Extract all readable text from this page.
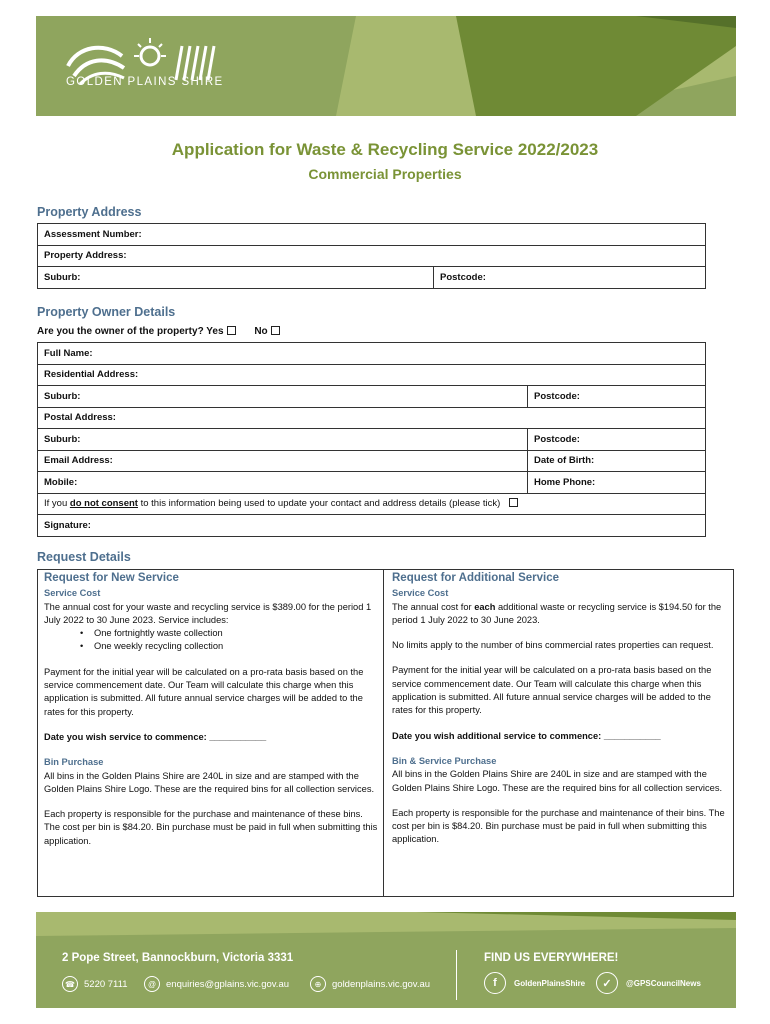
GOLDEN PLAINS SHIRE
Application for Waste & Recycling Service 2022/2023
Commercial Properties
Property Address
Assessment Number:
Property Address:
Suburb:	Postcode:
Property Owner Details
Are you the owner of the property? Yes	No
Full Name:	
Residential Address:	
Suburb:	Postcode:
Postal Address:	
Suburb:	Postcode:
Email Address:	Date of Birth:
Mobile:	Home Phone:
If you do not consent to this information being used to update your contact and address details (please tick)	
Signature:	
Request Details
Request for New Service
Service Cost

The annual cost for your waste and recycling service is $389.00 for the period 1 July 2022 to 30 June 2023. Service includes:

• One fortnightly waste collection
• One weekly recycling collection

Payment for the initial year will be calculated on a pro-rata basis based on the service commencement date. Our Team will calculate this charge when this application is submitted. All future annual service charges will be added to the rates for this property.

Date you wish service to commence: ___________

Bin Purchase

All bins in the Golden Plains Shire are 240L in size and are stamped with the Golden Plains Shire Logo. These are the required bins for all collection services.

Each property is responsible for the purchase and maintenance of these bins. The cost per bin is $84.20. Bin purchase must be paid in full when submitting this application.

Request for Additional Service
Service Cost

The annual cost for each additional waste or recycling service is $194.50 for the period 1 July 2022 to 30 June 2023.

No limits apply to the number of bins commercial rates properties can request.

Payment for the initial year will be calculated on a pro-rata basis based on the service commencement date. Our Team will calculate this charge when this application is submitted. All future annual service charges will be added to the rates for this property.

Date you wish additional service to commence: ___________

Bin & Service Purchase

All bins in the Golden Plains Shire are 240L in size and are stamped with the Golden Plains Shire Logo. These are the required bins for all collection services.

Each property is responsible for the purchase and maintenance of their bins. The cost per bin is $84.20. Bin purchase must be paid in full when submitting this application.

2 Pope Street, Bannockburn, Victoria 3331	FIND US EVERYWHERE!
☎ 5220 7111	@	enquiries@gplains.vic.gov.au	⊕	goldenplains.vic.gov.au	f	GoldenPlainsShire	✓	@GPSCouncilNews
